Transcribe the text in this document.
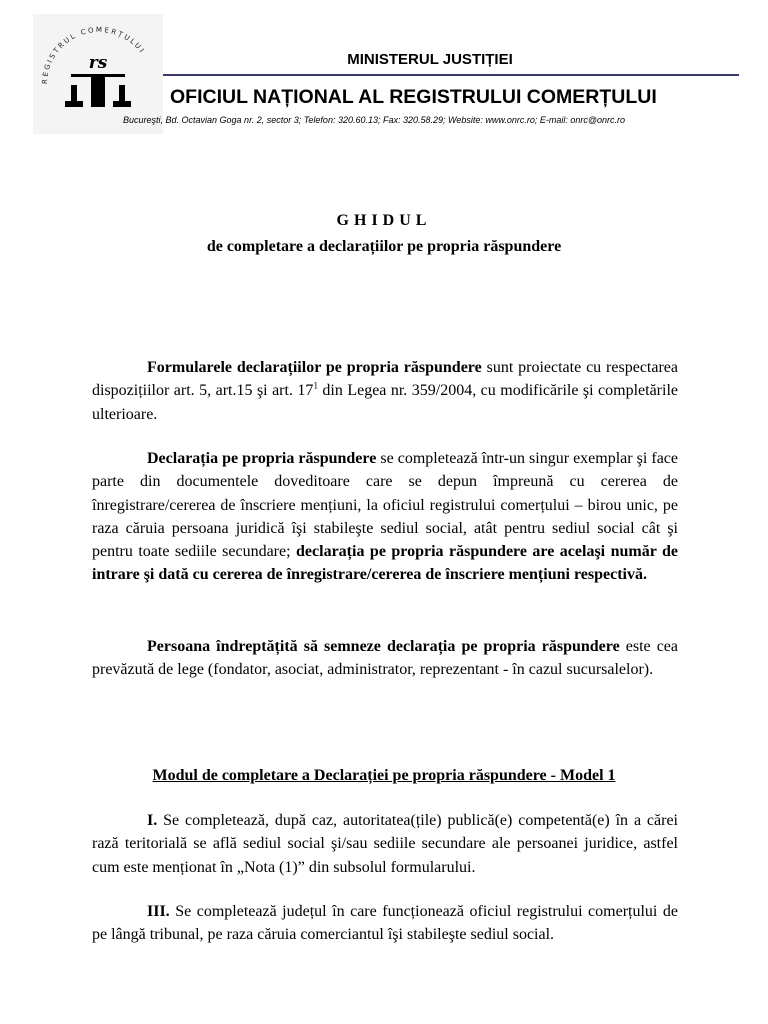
REGISTRUL COMERȚULUI
rs	MINISTERUL JUSTIȚIEI
OFICIUL NAȚIONAL AL REGISTRULUI COMERȚULUI
Bucureşti, Bd. Octavian Goga nr. 2, sector 3; Telefon: 320.60.13; Fax: 320.58.29; Website: www.onrc.ro; E-mail: onrc@onrc.ro
GHIDUL
de completare a declarațiilor pe propria răspundere

Formularele declarațiilor pe propria răspundere sunt proiectate cu respectarea dispozițiilor art. 5, art.15 şi art. $17^1$ din Legea nr. 359/2004, cu modificările şi completările ulterioare.

Declarația pe propria răspundere se completează într-un singur exemplar şi face parte din documentele doveditoare care se depun împreună cu cererea de înregistrare/cererea de înscriere mențiuni, la oficiul registrului comerțului – birou unic, pe raza căruia persoana juridică îşi stabileşte sediul social, atât pentru sediul social cât şi pentru toate sediile secundare; declarația pe propria răspundere are acelaşi număr de intrare şi dată cu cererea de înregistrare/cererea de înscriere mențiuni respectivă.

Persoana îndreptățită să semneze declarația pe propria răspundere este cea prevăzută de lege (fondator, asociat, administrator, reprezentant - în cazul sucursalelor).

Modul de completare a Declarației pe propria răspundere - Model 1

I. Se completează, după caz, autoritatea(țile) publică(e) competentă(e) în a cărei rază teritorială se află sediul social şi/sau sediile secundare ale persoanei juridice, astfel cum este menționat în „Nota (1)” din subsolul formularului.

III. Se completează județul în care funcționează oficiul registrului comerțului de pe lângă tribunal, pe raza căruia comerciantul îşi stabileşte sediul social.
